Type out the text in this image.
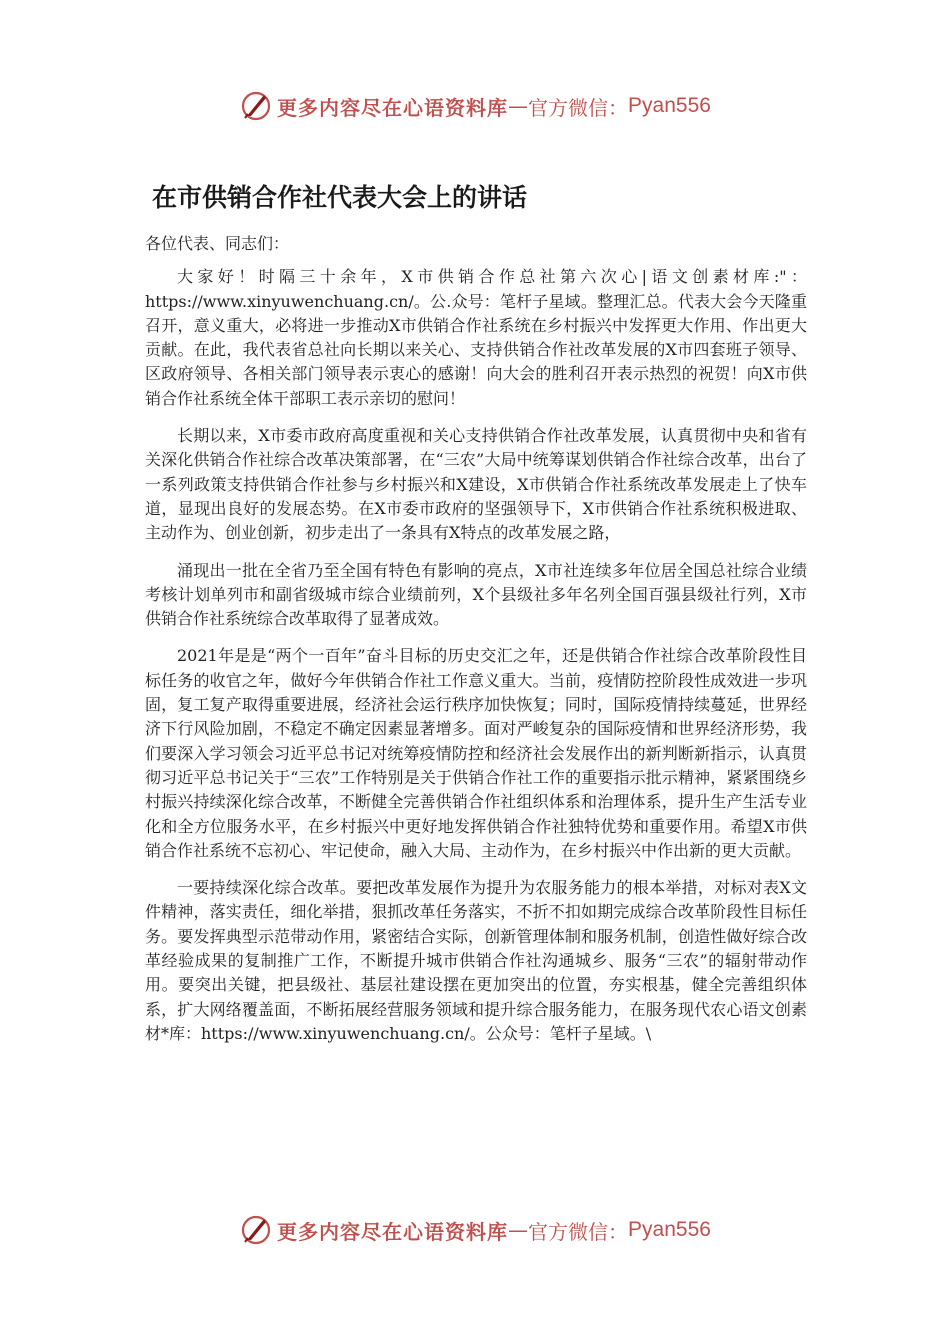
更多内容尽在心语资料库 — 官方微信： Pyan556
在市供销合作社代表大会上的讲话

各位代表、同志们：

大家好！时隔三十余年，X市供销合作总社第六次心|语文创素材库:"：https://www.xinyuwenchuang.cn/。公.众号：笔杆子星域。整理汇总。代表大会今天隆重召开，意义重大，必将进一步推动X市供销合作社系统在乡村振兴中发挥更大作用、作出更大贡献。在此，我代表省总社向长期以来关心、支持供销合作社改革发展的X市四套班子领导、区政府领导、各相关部门领导表示衷心的感谢！向大会的胜利召开表示热烈的祝贺！向X市供销合作社系统全体干部职工表示亲切的慰问！

长期以来，X市委市政府高度重视和关心支持供销合作社改革发展，认真贯彻中央和省有关深化供销合作社综合改革决策部署，在“三农”大局中统筹谋划供销合作社综合改革，出台了一系列政策支持供销合作社参与乡村振兴和X建设，X市供销合作社系统改革发展走上了快车道，显现出良好的发展态势。在X市委市政府的坚强领导下，X市供销合作社系统积极进取、主动作为、创业创新，初步走出了一条具有X特点的改革发展之路，

涌现出一批在全省乃至全国有特色有影响的亮点，X市社连续多年位居全国总社综合业绩考核计划单列市和副省级城市综合业绩前列，X个县级社多年名列全国百强县级社行列，X市供销合作社系统综合改革取得了显著成效。

2021年是是“两个一百年”奋斗目标的历史交汇之年，还是供销合作社综合改革阶段性目标任务的收官之年，做好今年供销合作社工作意义重大。当前，疫情防控阶段性成效进一步巩固，复工复产取得重要进展，经济社会运行秩序加快恢复；同时，国际疫情持续蔓延，世界经济下行风险加剧，不稳定不确定因素显著增多。面对严峻复杂的国际疫情和世界经济形势，我们要深入学习领会习近平总书记对统筹疫情防控和经济社会发展作出的新判断新指示，认真贯彻习近平总书记关于“三农”工作特别是关于供销合作社工作的重要指示批示精神，紧紧围绕乡村振兴持续深化综合改革，不断健全完善供销合作社组织体系和治理体系，提升生产生活专业化和全方位服务水平，在乡村振兴中更好地发挥供销合作社独特优势和重要作用。希望X市供销合作社系统不忘初心、牢记使命，融入大局、主动作为，在乡村振兴中作出新的更大贡献。

一要持续深化综合改革。要把改革发展作为提升为农服务能力的根本举措，对标对表X文件精神，落实责任，细化举措，狠抓改革任务落实，不折不扣如期完成综合改革阶段性目标任务。要发挥典型示范带动作用，紧密结合实际，创新管理体制和服务机制，创造性做好综合改革经验成果的复制推广工作，不断提升城市供销合作社沟通城乡、服务“三农”的辐射带动作用。要突出关键，把县级社、基层社建设摆在更加突出的位置，夯实根基，健全完善组织体系，扩大网络覆盖面，不断拓展经营服务领域和提升综合服务能力，在服务现代农心语文创素材*库：https://www.xinyuwenchuang.cn/。公众号：笔杆子星域。\

更多内容尽在心语资料库 — 官方微信： Pyan556
